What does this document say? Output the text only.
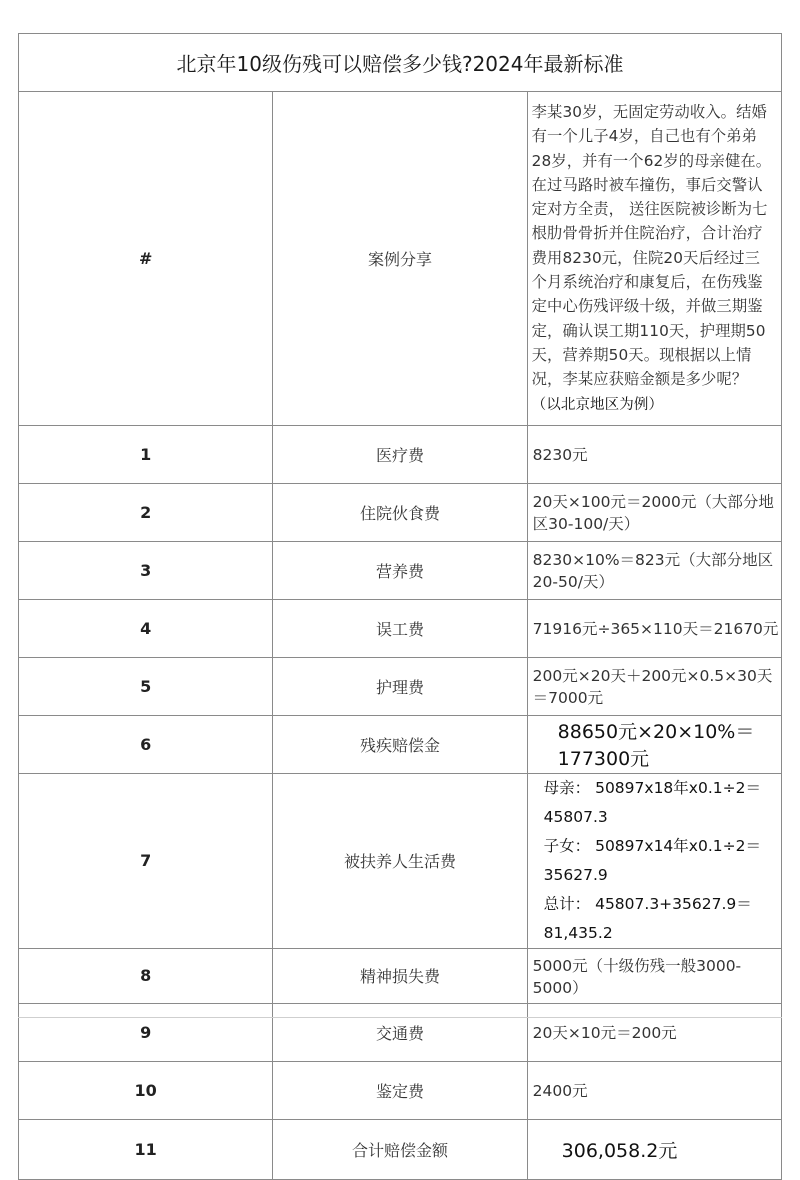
北京年10级伤残可以赔偿多少钱?2024年最新标准		
#	案例分享	李某30岁，无固定劳动收入。结婚有一个儿子4岁，自己也有个弟弟28岁，并有一个62岁的母亲健在。在过马路时被车撞伤，事后交警认定对方全责， 送往医院被诊断为七根肋骨骨折并住院治疗，合计治疗费用8230元，住院20天后经过三个月系统治疗和康复后，在伤残鉴定中心伤残评级十级，并做三期鉴定，确认误工期110天，护理期50天，营养期50天。现根据以上情况，李某应获赔金额是多少呢？（以北京地区为例）
1	医疗费	8230元
2	住院伙食费	20天×100元＝2000元（大部分地区30-100/天）
3	营养费	8230×10%＝823元（大部分地区20-50/天）
4	误工费	71916元÷365×110天＝21670元
5	护理费	200元×20天＋200元×0.5×30天＝7000元
6	残疾赔偿金	88650元×20×10%＝177300元
7	被扶养人生活费	母亲： 50897x18年x0.1÷2＝45807.3
子女： 50897x14年x0.1÷2＝35627.9
总计： 45807.3+35627.9＝81,435.2

8	精神损失费	5000元（十级伤残一般3000-5000）
9	交通费	20天×10元＝200元
10	鉴定费	2400元
11	合计赔偿金额	306,058.2元
